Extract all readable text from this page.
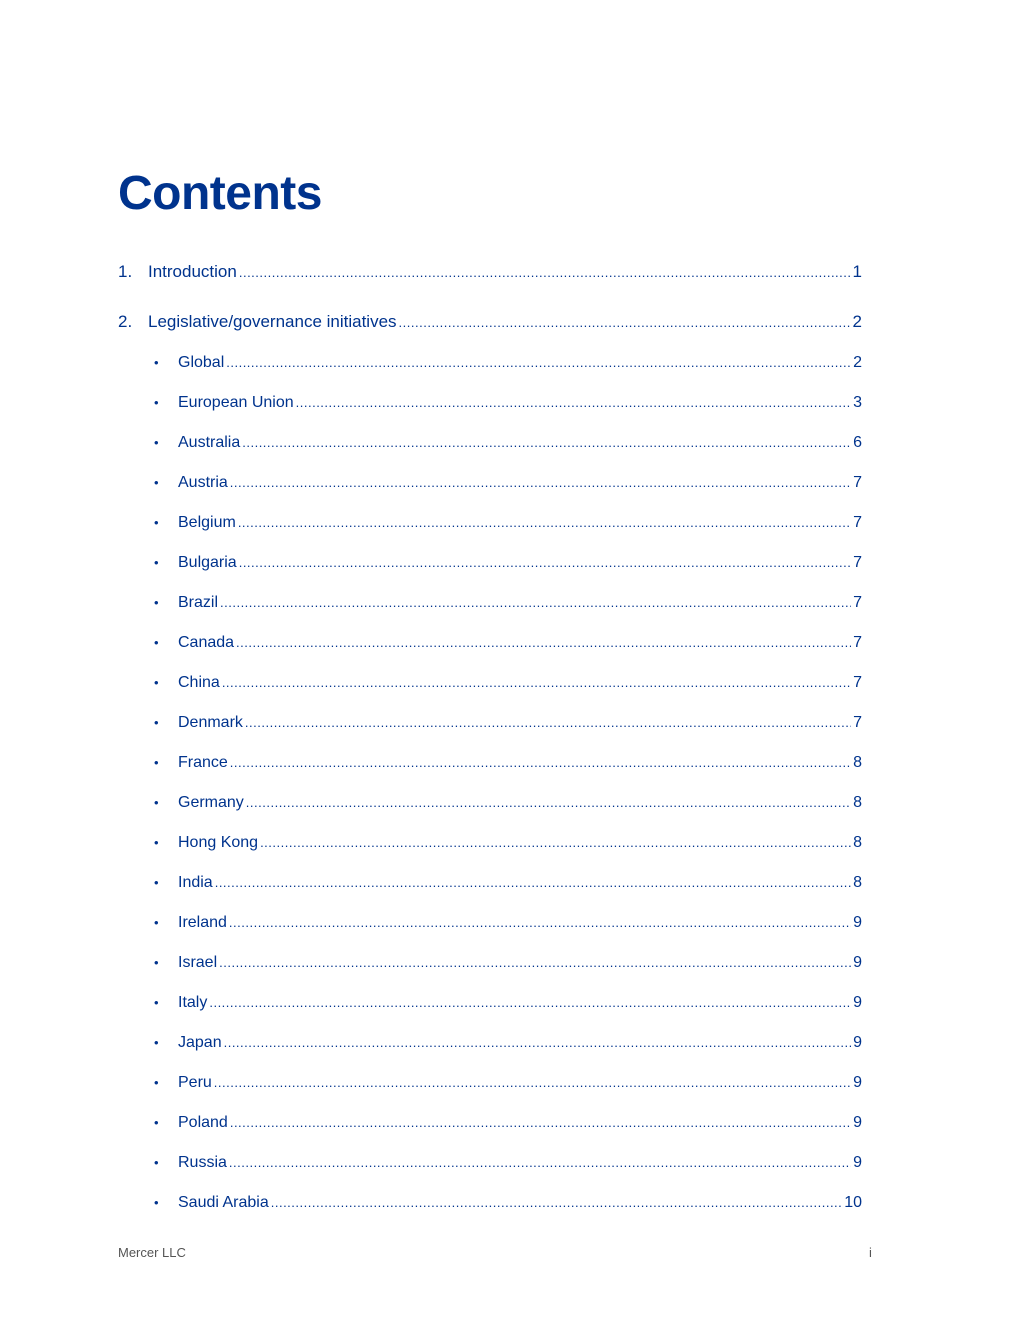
Contents
1. Introduction .....	1
2. Legislative/governance initiatives .....	2
•	Global .....	2
•	European Union .....	3
•	Australia .....	6
•	Austria .....	7
•	Belgium .....	7
•	Bulgaria .....	7
•	Brazil .....	7
•	Canada .....	7
•	China .....	7
•	Denmark .....	7
•	France .....	8
•	Germany .....	8
•	Hong Kong .....	8
•	India .....	8
•	Ireland .....	9
•	Israel .....	9
•	Italy .....	9
•	Japan .....	9
•	Peru .....	9
•	Poland .....	9
•	Russia .....	9
•	Saudi Arabia .....	10
Mercer LLC	i
